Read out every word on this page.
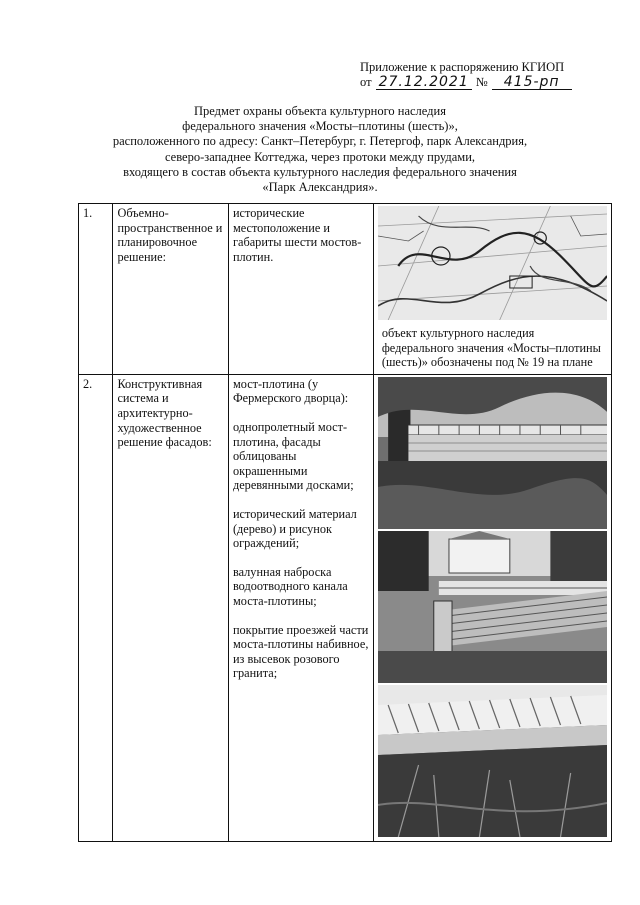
Приложение к распоряжению КГИОП
от 27.12.2021 №	415-рп
Предмет охраны объекта культурного наследия
федерального значения «Мосты–плотины (шесть)»,
расположенного по адресу: Санкт–Петербург, г. Петергоф, парк Александрия,
северо-западнее Коттеджа, через протоки между прудами,
входящего в состав объекта культурного наследия федерального значения
«Парк Александрия».
1.	Объемно-пространственное и планировочное решение:	исторические местоположение и габариты шести мостов-плотин.	объект культурного наследия федерального значения «Мосты–плотины (шесть)» обозначены под № 19 на плане

2.	Конструктивная система и архитектурно-художественное решение фасадов:	мост-плотина (у Фермерского дворца):
однопролетный мост-плотина, фасады облицованы окрашенными деревянными досками;
исторический материал (дерево) и рисунок ограждений;
валунная наброска водоотводного канала моста-плотины;
покрытие проезжей части моста-плотины набивное, из высевок розового гранита;	
